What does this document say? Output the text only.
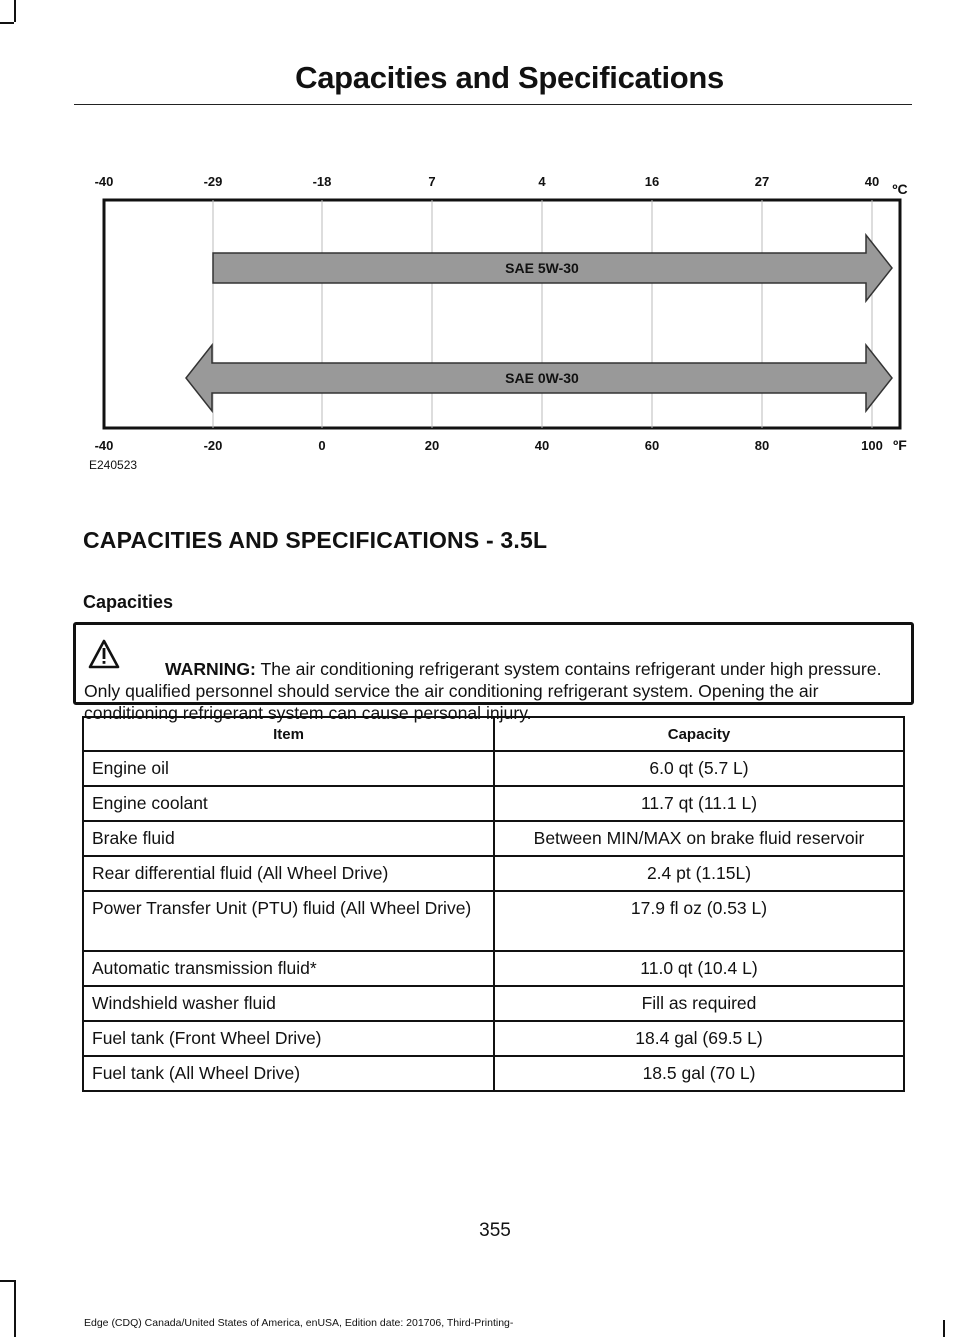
Capacities and Specifications
-40	-29	-18	7	4	16	27	40
-40	-20	0	20	40	60	80	100
ºC
ºF
SAE 5W-30
SAE 0W-30
E240523
CAPACITIES AND SPECIFICATIONS - 3.5L
Capacities
WARNING: The air conditioning refrigerant system contains refrigerant under high pressure. Only qualified personnel should service the air conditioning refrigerant system. Opening the air conditioning refrigerant system can cause personal injury.
Item	Capacity
Engine oil	6.0 qt (5.7 L)
Engine coolant	11.7 qt (11.1 L)
Brake fluid	Between MIN/MAX on brake fluid reservoir
Rear differential fluid (All Wheel Drive)	2.4 pt (1.15L)
Power Transfer Unit (PTU) fluid (All Wheel Drive)	17.9 fl oz (0.53 L)
Automatic transmission fluid*	11.0 qt (10.4 L)
Windshield washer fluid	Fill as required
Fuel tank (Front Wheel Drive)	18.4 gal (69.5 L)
Fuel tank (All Wheel Drive)	18.5 gal (70 L)
355
Edge (CDQ) Canada/United States of America, enUSA, Edition date: 201706, Third-Printing-
